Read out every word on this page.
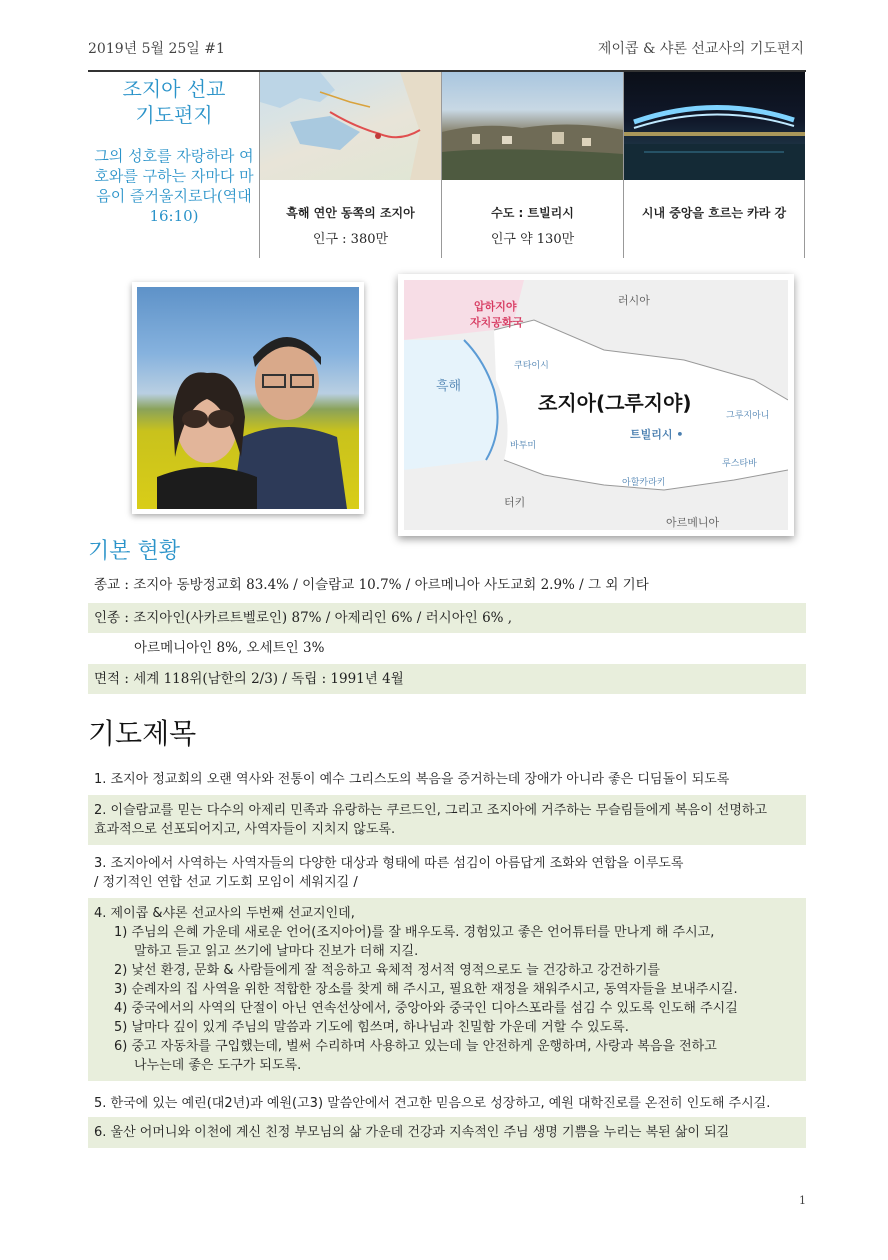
2019년 5월 25일 #1	제이콥 & 샤론 선교사의 기도편지
조지아 선교
기도편지
그의 성호를 자랑하라 여호와를 구하는 자마다 마음이 즐거울지로다(역대16:10)	흑해 연안 동쪽의 조지아
인구 : 380만
수도 : 트빌리시
인구 약 130만
시내 중앙을 흐르는 카라 강
압하지야
자치공화국
러시아
흑해
쿠타이시
조지아(그루지야)
트빌리시 •
바투미
그루지아니
루스타바
아할카라키
터키
아르메니아
기본 현황
종교 : 조지아 동방정교회 83.4% / 이슬람교 10.7% / 아르메니아 사도교회 2.9% / 그 외 기타
인종 : 조지아인(사카르트벨로인) 87% / 아제리인 6% / 러시아인 6% ,
아르메니아인 8%, 오세트인 3%
면적 : 세계 118위(남한의 2/3) / 독립 : 1991년 4월
기도제목
1. 조지아 정교회의 오랜 역사와 전통이 예수 그리스도의 복음을 증거하는데 장애가 아니라 좋은 디딤돌이 되도록
2. 이슬람교를 믿는 다수의 아제리 민족과 유랑하는 쿠르드인, 그리고 조지아에 거주하는 무슬림들에게 복음이 선명하고
효과적으로 선포되어지고, 사역자들이 지치지 않도록.
3. 조지아에서 사역하는 사역자들의 다양한 대상과 형태에 따른 섬김이 아름답게 조화와 연합을 이루도록
/ 정기적인 연합 선교 기도회 모임이 세워지길 /
4. 제이콥 &샤론 선교사의 두번째 선교지인데,
1) 주님의 은혜 가운데 새로운 언어(조지아어)를 잘 배우도록. 경험있고 좋은 언어튜터를 만나게 해 주시고,
말하고 듣고 읽고 쓰기에 날마다 진보가 더해 지길.
2) 낯선 환경, 문화 & 사람들에게 잘 적응하고 육체적 정서적 영적으로도 늘 건강하고 강건하기를
3) 순례자의 집 사역을 위한 적합한 장소를 찾게 해 주시고, 필요한 재정을 채워주시고, 동역자들을 보내주시길.
4) 중국에서의 사역의 단절이 아닌 연속선상에서, 중앙아와 중국인 디아스포라를 섬김 수 있도록 인도해 주시길
5) 날마다 깊이 있게 주님의 말씀과 기도에 힘쓰며, 하나님과 친밀함 가운데 거할 수 있도록.
6) 중고 자동차를 구입했는데, 벌써 수리하며 사용하고 있는데 늘 안전하게 운행하며, 사랑과 복음을 전하고
나누는데 좋은 도구가 되도록.
5. 한국에 있는 예린(대2년)과 예원(고3) 말씀안에서 견고한 믿음으로 성장하고, 예원 대학진로를 온전히 인도해 주시길.
6. 울산 어머니와 이천에 계신 친정 부모님의 삶 가운데 건강과 지속적인 주님 생명 기쁨을 누리는 복된 삶이 되길
1
